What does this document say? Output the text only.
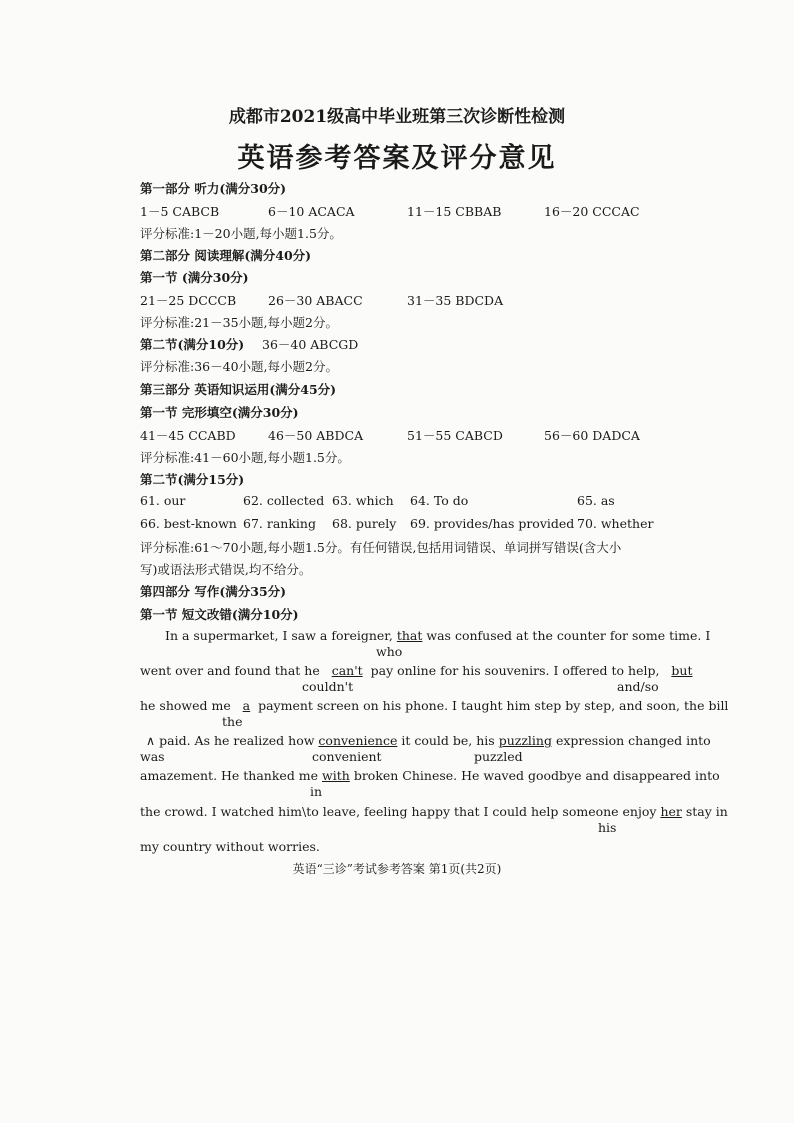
成都市2021级高中毕业班第三次诊断性检测
英语参考答案及评分意见
第一部分 听力(满分30分)
1－5 CABCB	6－10 ACACA	11－15 CBBAB	16－20 CCCAC
评分标准:1－20小题,每小题1.5分。
第二部分 阅读理解(满分40分)
第一节 (满分30分)
21－25 DCCCB	26－30 ABACC	31－35 BDCDA
评分标准:21－35小题,每小题2分。
第二节(满分10分) 36－40 ABCGD
评分标准:36－40小题,每小题2分。
第三部分 英语知识运用(满分45分)
第一节 完形填空(满分30分)
41－45 CCABD	46－50 ABDCA	51－55 CABCD	56－60 DADCA
评分标准:41－60小题,每小题1.5分。
第二节(满分15分)
61. our	62. collected 63. which 64. To do	65. as
66. best-known 67. ranking 68. purely 69. provides/has provided 70. whether
评分标准:61～70小题,每小题1.5分。有任何错误,包括用词错误、单词拼写错误(含大小
写)或语法形式错误,均不给分。
第四部分 写作(满分35分)
第一节 短文改错(满分10分)
In a supermarket, I saw a foreigner, that was confused at the counter for some time. I
who
went over and found that he can't pay online for his souvenirs. I offered to help, but
couldn't	and/so
he showed me a payment screen on his phone. I taught him step by step, and soon, the bill
the
∧ paid. As he realized how convenience it could be, his puzzling expression changed into
was	convenient	puzzled
amazement. He thanked me with broken Chinese. He waved goodbye and disappeared into
in
the crowd. I watched him\to leave, feeling happy that I could help someone enjoy her stay in
his
my country without worries.
英语“三诊”考试参考答案 第1页(共2页)
